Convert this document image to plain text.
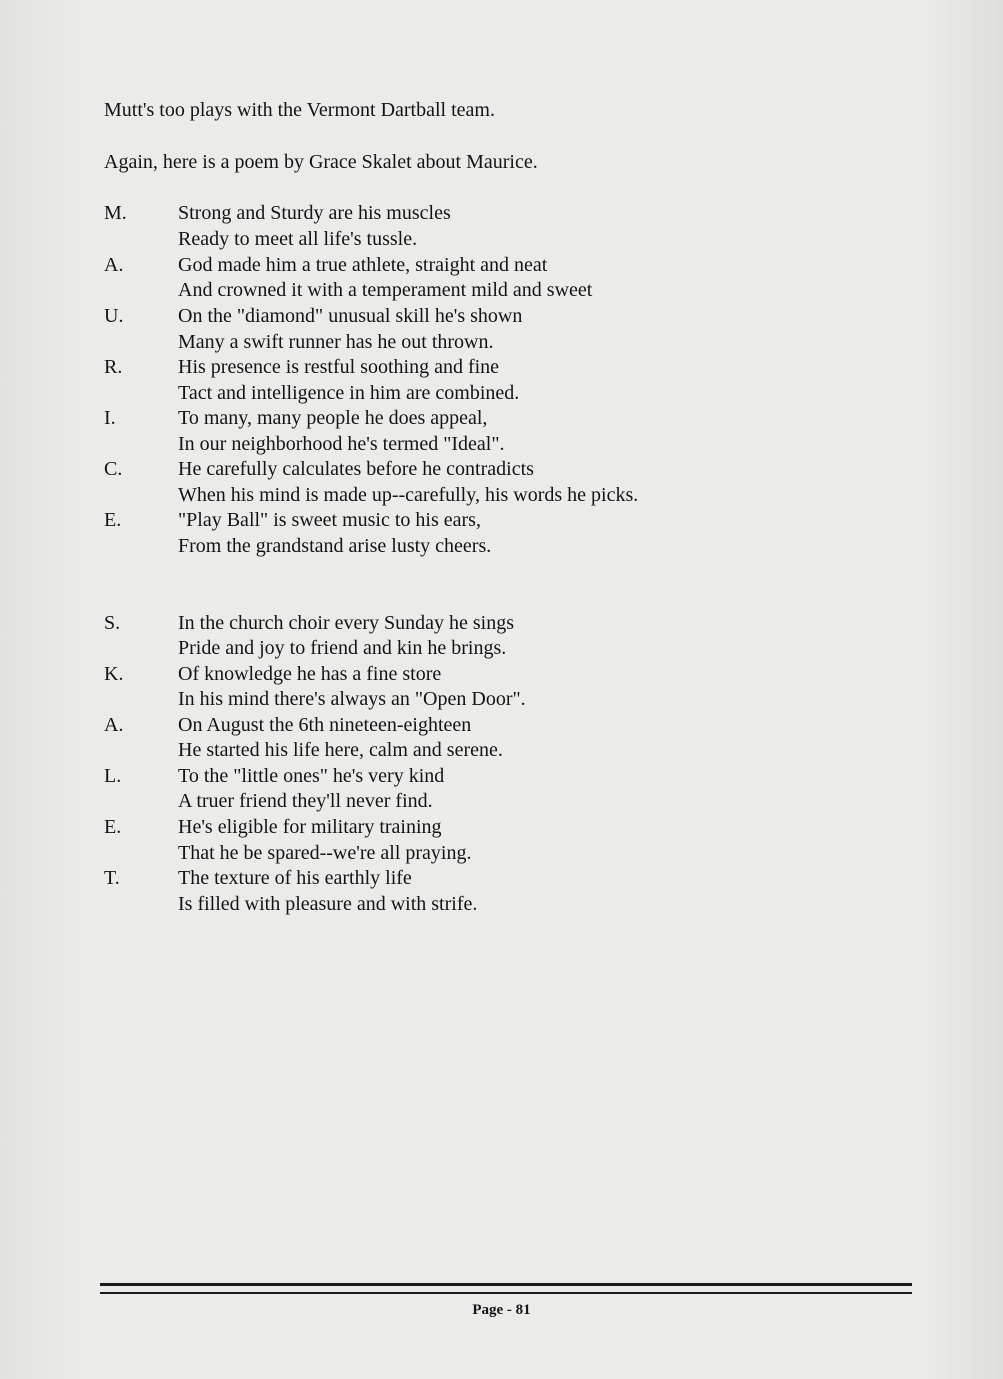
Mutt's too plays with the Vermont Dartball team.
Again, here is a poem by Grace Skalet about Maurice.
M.	Strong and Sturdy are his muscles
Ready to meet all life's tussle.
A.	God made him a true athlete, straight and neat
And crowned it with a temperament mild and sweet
U.	On the "diamond" unusual skill he's shown
Many a swift runner has he out thrown.
R.	His presence is restful soothing and fine
Tact and intelligence in him are combined.
I.	To many, many people he does appeal,
In our neighborhood he's termed "Ideal".
C.	He carefully calculates before he contradicts
When his mind is made up--carefully, his words he picks.
E.	"Play Ball" is sweet music to his ears,
From the grandstand arise lusty cheers.
S.	In the church choir every Sunday he sings
Pride and joy to friend and kin he brings.
K.	Of knowledge he has a fine store
In his mind there's always an "Open Door".
A.	On August the 6th nineteen-eighteen
He started his life here, calm and serene.
L.	To the "little ones" he's very kind
A truer friend they'll never find.
E.	He's eligible for military training
That he be spared--we're all praying.
T.	The texture of his earthly life
Is filled with pleasure and with strife.
Page - 81
